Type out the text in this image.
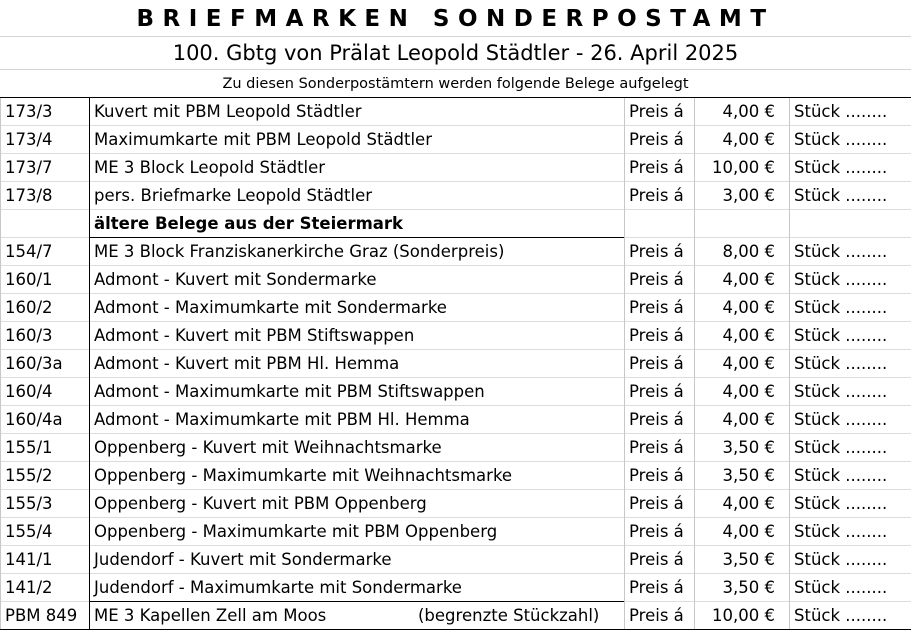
BRIEFMARKEN SONDERPOSTAMT
100. Gbtg von Prälat Leopold Städtler - 26. April 2025
Zu diesen Sonderpostämtern werden folgende Belege aufgelegt
173/3	Kuvert mit PBM Leopold Städtler	Preis á	4,00 €	Stück ........
173/4	Maximumkarte mit PBM Leopold Städtler	Preis á	4,00 €	Stück ........
173/7	ME 3 Block Leopold Städtler	Preis á	10,00 €	Stück ........
173/8	pers. Briefmarke Leopold Städtler	Preis á	3,00 €	Stück ........
	ältere Belege aus der Steiermark			
154/7	ME 3 Block Franziskanerkirche Graz (Sonderpreis)	Preis á	8,00 €	Stück ........
160/1	Admont - Kuvert mit Sondermarke	Preis á	4,00 €	Stück ........
160/2	Admont - Maximumkarte mit Sondermarke	Preis á	4,00 €	Stück ........
160/3	Admont - Kuvert mit PBM Stiftswappen	Preis á	4,00 €	Stück ........
160/3a	Admont - Kuvert mit PBM Hl. Hemma	Preis á	4,00 €	Stück ........
160/4	Admont - Maximumkarte mit PBM Stiftswappen	Preis á	4,00 €	Stück ........
160/4a	Admont - Maximumkarte mit PBM Hl. Hemma	Preis á	4,00 €	Stück ........
155/1	Oppenberg - Kuvert mit Weihnachtsmarke	Preis á	3,50 €	Stück ........
155/2	Oppenberg - Maximumkarte mit Weihnachtsmarke	Preis á	3,50 €	Stück ........
155/3	Oppenberg - Kuvert mit PBM Oppenberg	Preis á	4,00 €	Stück ........
155/4	Oppenberg - Maximumkarte mit PBM Oppenberg	Preis á	4,00 €	Stück ........
141/1	Judendorf - Kuvert mit Sondermarke	Preis á	3,50 €	Stück ........
141/2	Judendorf - Maximumkarte mit Sondermarke	Preis á	3,50 €	Stück ........
PBM 849	ME 3 Kapellen Zell am Moos (begrenzte Stückzahl)	Preis á	10,00 €	Stück ........
